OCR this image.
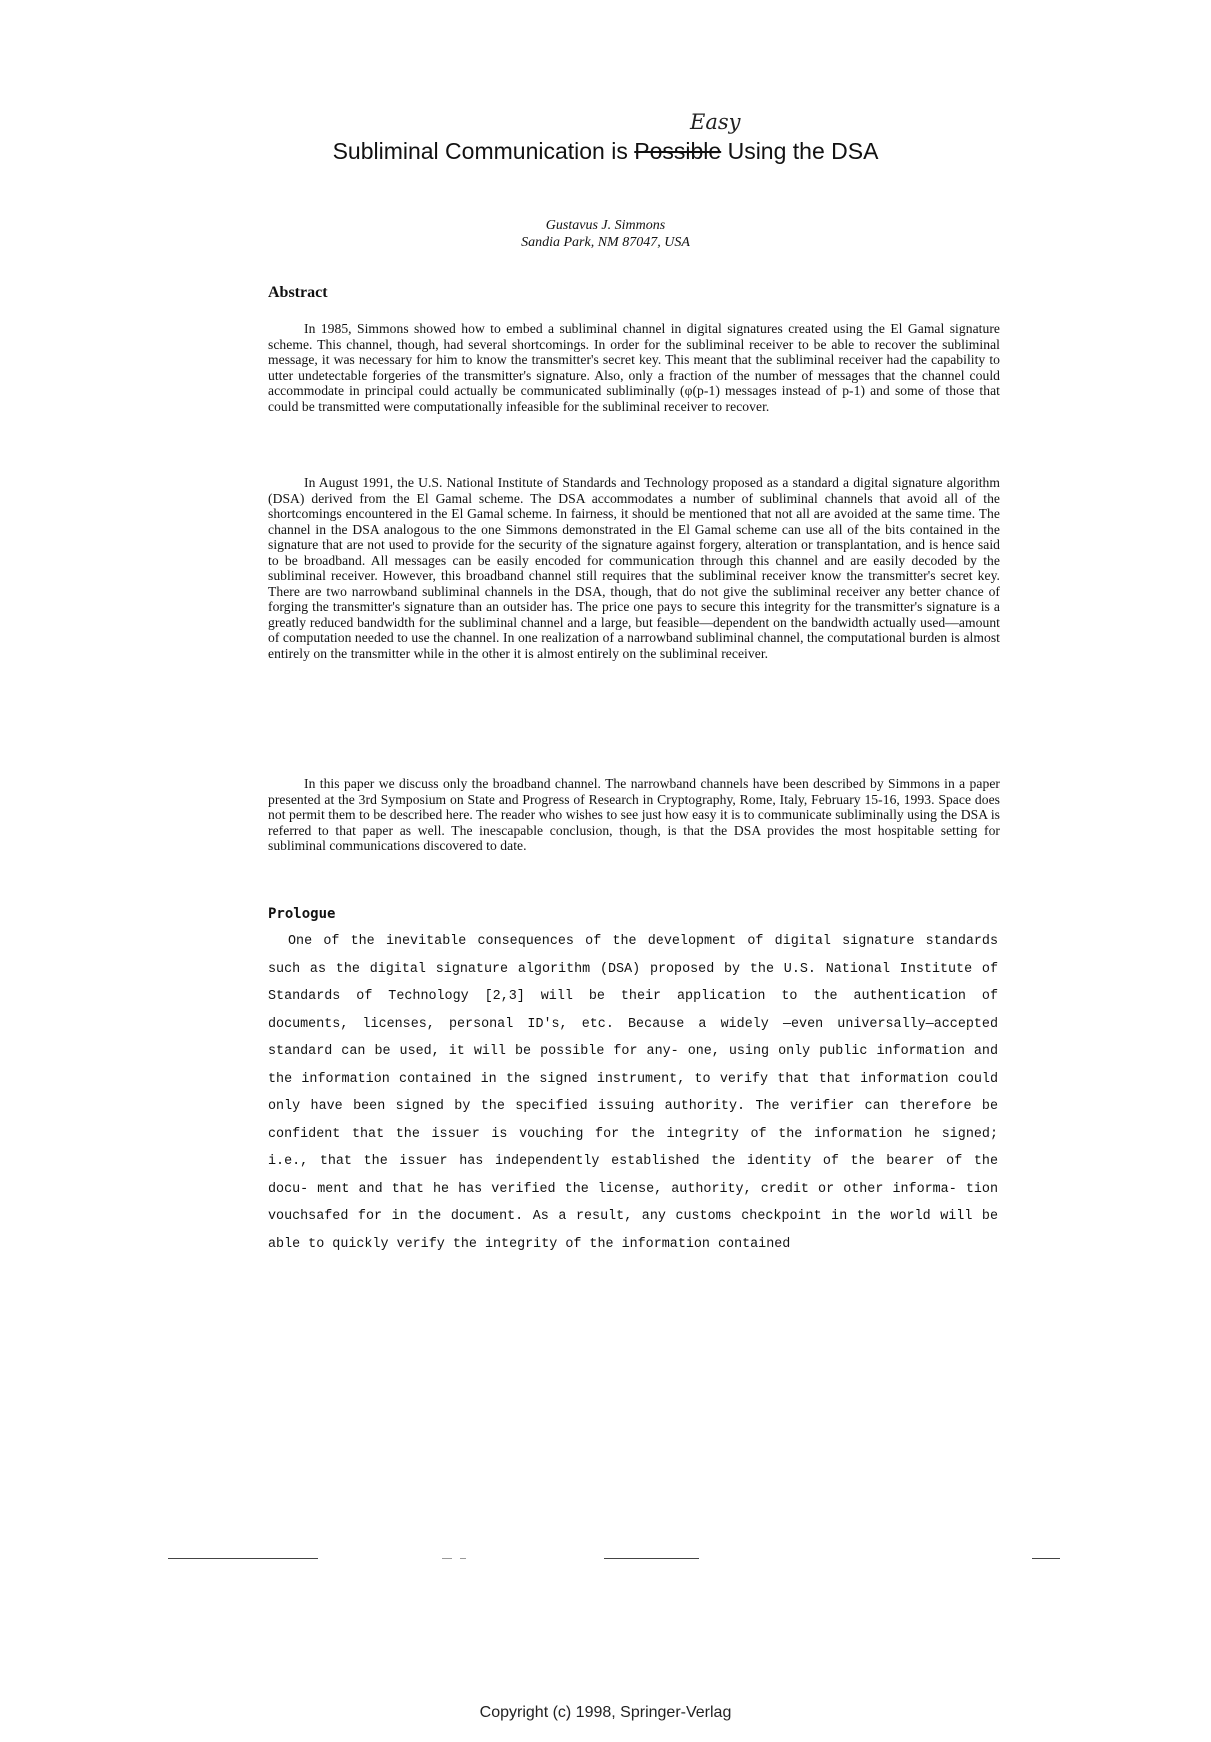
Easy
Subliminal Communication is Possible Using the DSA
Gustavus J. Simmons
Sandia Park, NM 87047, USA
Abstract

In 1985, Simmons showed how to embed a subliminal channel in digital signatures created using the El Gamal signature scheme. This channel, though, had several shortcomings. In order for the subliminal receiver to be able to recover the subliminal message, it was necessary for him to know the transmitter's secret key. This meant that the subliminal receiver had the capability to utter undetectable forgeries of the transmitter's signature. Also, only a fraction of the number of messages that the channel could accommodate in principal could actually be communicated subliminally (φ(p-1) messages instead of p-1) and some of those that could be transmitted were computationally infeasible for the subliminal receiver to recover.

In August 1991, the U.S. National Institute of Standards and Technology proposed as a standard a digital signature algorithm (DSA) derived from the El Gamal scheme. The DSA accommodates a number of subliminal channels that avoid all of the shortcomings encountered in the El Gamal scheme. In fairness, it should be mentioned that not all are avoided at the same time. The channel in the DSA analogous to the one Simmons demonstrated in the El Gamal scheme can use all of the bits contained in the signature that are not used to provide for the security of the signature against forgery, alteration or transplantation, and is hence said to be broadband. All messages can be easily encoded for communication through this channel and are easily decoded by the subliminal receiver. However, this broadband channel still requires that the subliminal receiver know the transmitter's secret key. There are two narrowband subliminal channels in the DSA, though, that do not give the subliminal receiver any better chance of forging the transmitter's signature than an outsider has. The price one pays to secure this integrity for the transmitter's signature is a greatly reduced bandwidth for the subliminal channel and a large, but feasible—dependent on the bandwidth actually used—amount of computation needed to use the channel. In one realization of a narrowband subliminal channel, the computational burden is almost entirely on the transmitter while in the other it is almost entirely on the subliminal receiver.

In this paper we discuss only the broadband channel. The narrowband channels have been described by Simmons in a paper presented at the 3rd Symposium on State and Progress of Research in Cryptography, Rome, Italy, February 15-16, 1993. Space does not permit them to be described here. The reader who wishes to see just how easy it is to communicate subliminally using the DSA is referred to that paper as well. The inescapable conclusion, though, is that the DSA provides the most hospitable setting for subliminal communications discovered to date.

Prologue

One of the inevitable consequences of the development of digital signature standards such as the digital signature algorithm (DSA) proposed by the U.S. National Institute of Standards of Technology [2,3] will be their application to the authentication of documents, licenses, personal ID's, etc. Because a widely —even universally—accepted standard can be used, it will be possible for any- one, using only public information and the information contained in the signed instrument, to verify that that information could only have been signed by the specified issuing authority. The verifier can therefore be confident that the issuer is vouching for the integrity of the information he signed; i.e., that the issuer has independently established the identity of the bearer of the docu- ment and that he has verified the license, authority, credit or other informa- tion vouchsafed for in the document. As a result, any customs checkpoint in the world will be able to quickly verify the integrity of the information contained

Copyright (c) 1998, Springer-Verlag
